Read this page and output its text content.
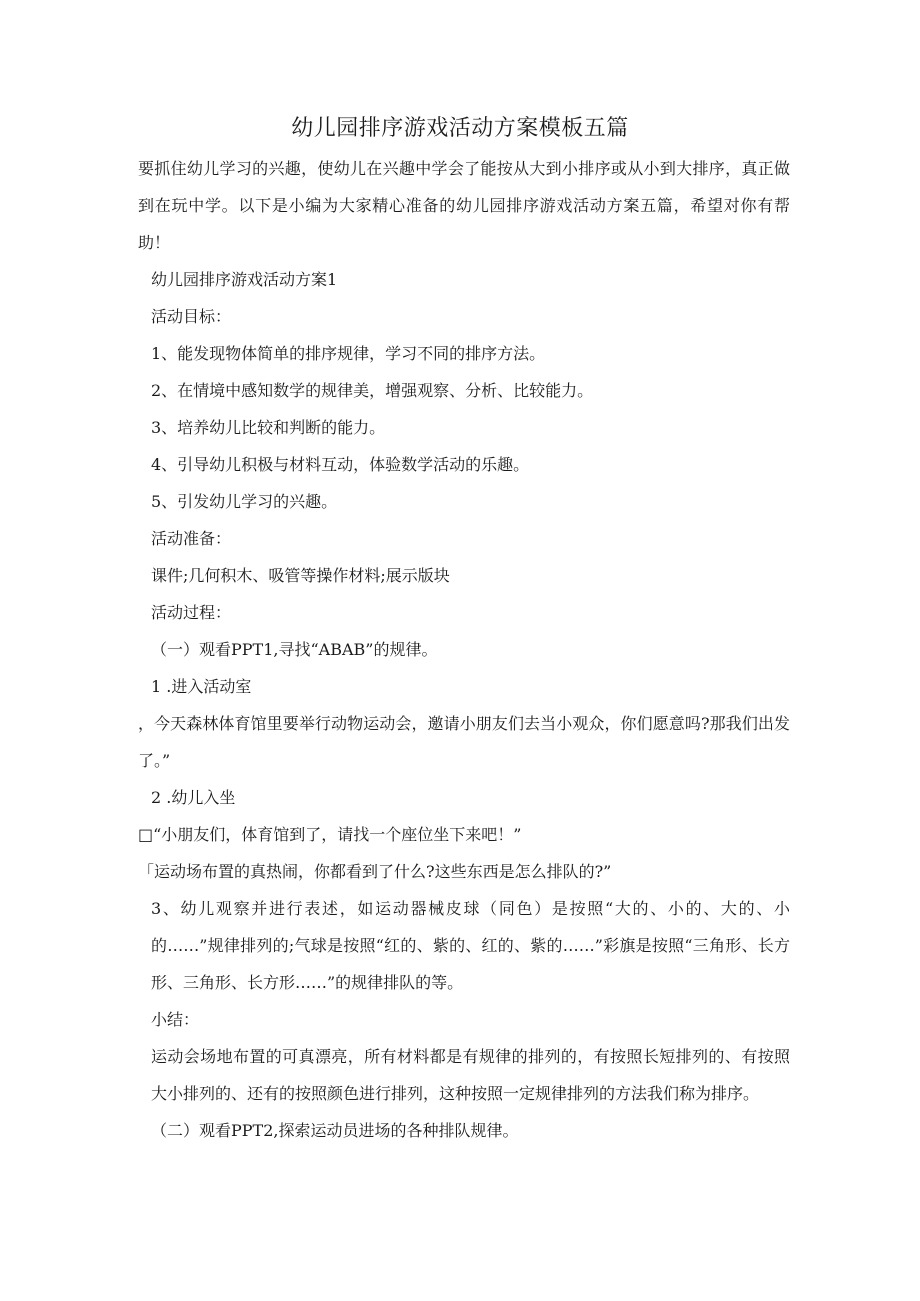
幼儿园排序游戏活动方案模板五篇

要抓住幼儿学习的兴趣，使幼儿在兴趣中学会了能按从大到小排序或从小到大排序，真正做到在玩中学。以下是小编为大家精心准备的幼儿园排序游戏活动方案五篇，希望对你有帮助！

幼儿园排序游戏活动方案1

活动目标：

1、能发现物体简单的排序规律，学习不同的排序方法。

2、在情境中感知数学的规律美，增强观察、分析、比较能力。

3、培养幼儿比较和判断的能力。

4、引导幼儿积极与材料互动，体验数学活动的乐趣。

5、引发幼儿学习的兴趣。

活动准备：

课件;几何积木、吸管等操作材料;展示版块

活动过程：

（一）观看PPT1,寻找“ABAB”的规律。

1 .进入活动室

，今天森林体育馆里要举行动物运动会，邀请小朋友们去当小观众，你们愿意吗?那我们出发了。”

2 .幼儿入坐

□“小朋友们，体育馆到了，请找一个座位坐下来吧！”

「运动场布置的真热闹，你都看到了什么?这些东西是怎么排队的?”

3、幼儿观察并进行表述，如运动器械皮球（同色）是按照“大的、小的、大的、小的……”规律排列的;气球是按照“红的、紫的、红的、紫的……”彩旗是按照“三角形、长方形、三角形、长方形……”的规律排队的等。

小结：

运动会场地布置的可真漂亮，所有材料都是有规律的排列的，有按照长短排列的、有按照大小排列的、还有的按照颜色进行排列，这种按照一定规律排列的方法我们称为排序。

（二）观看PPT2,探索运动员进场的各种排队规律。
